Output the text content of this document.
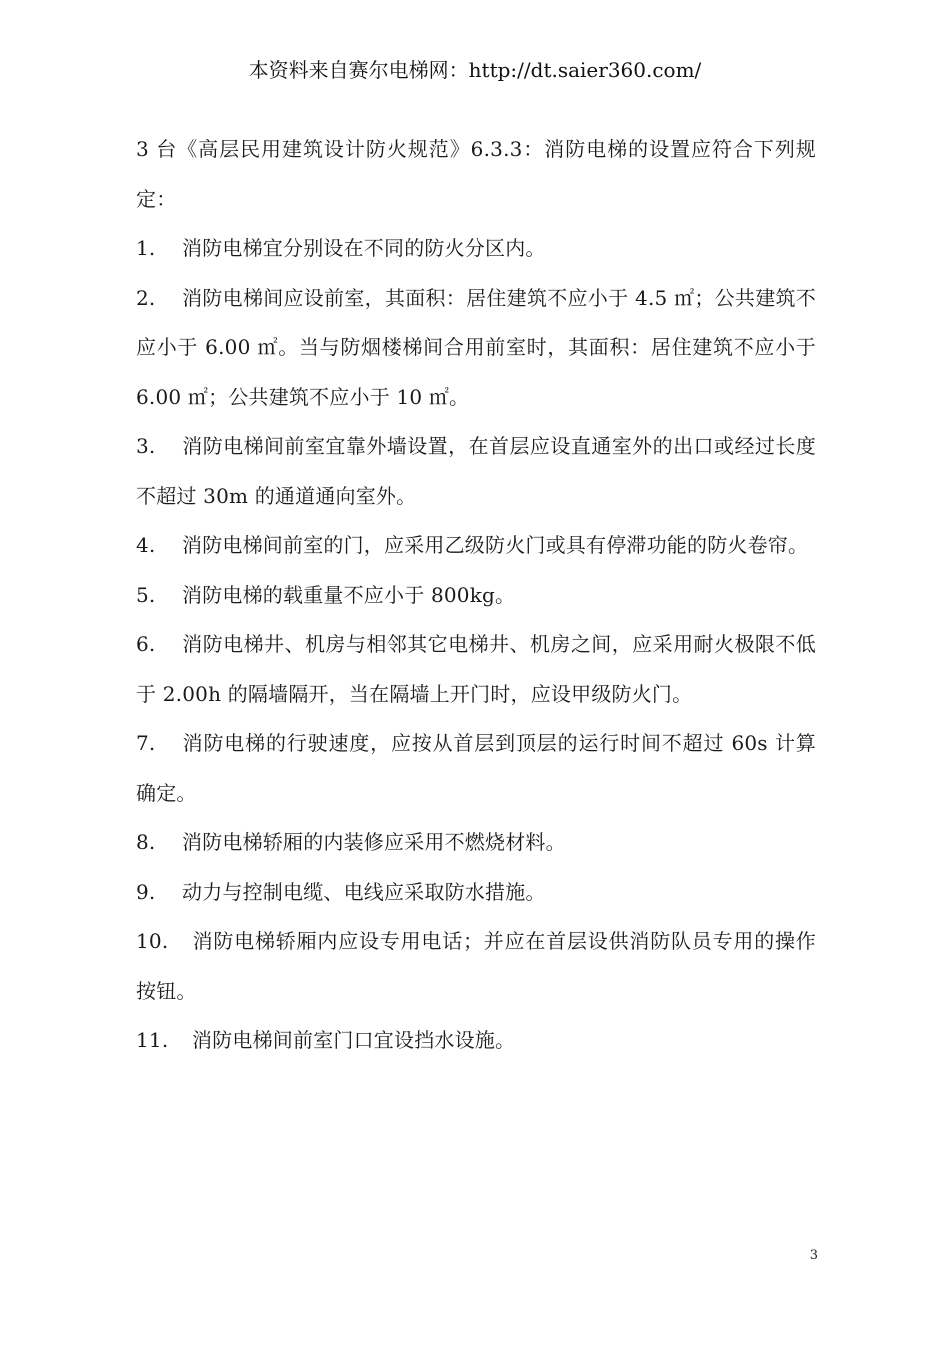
本资料来自赛尔电梯网：http://dt.saier360.com/

3 台《高层民用建筑设计防火规范》6.3.3：消防电梯的设置应符合下列规定：

1. 消防电梯宜分别设在不同的防火分区内。

2. 消防电梯间应设前室，其面积：居住建筑不应小于 4.5 ㎡；公共建筑不应小于 6.00 ㎡。当与防烟楼梯间合用前室时，其面积：居住建筑不应小于 6.00 ㎡；公共建筑不应小于 10 ㎡。

3. 消防电梯间前室宜靠外墙设置，在首层应设直通室外的出口或经过长度不超过 30m 的通道通向室外。

4. 消防电梯间前室的门，应采用乙级防火门或具有停滞功能的防火卷帘。

5. 消防电梯的载重量不应小于 800kg。

6. 消防电梯井、机房与相邻其它电梯井、机房之间，应采用耐火极限不低于 2.00h 的隔墙隔开，当在隔墙上开门时，应设甲级防火门。

7. 消防电梯的行驶速度，应按从首层到顶层的运行时间不超过 60s 计算确定。

8. 消防电梯轿厢的内装修应采用不燃烧材料。

9. 动力与控制电缆、电线应采取防水措施。

10. 消防电梯轿厢内应设专用电话；并应在首层设供消防队员专用的操作按钮。

11. 消防电梯间前室门口宜设挡水设施。

3
